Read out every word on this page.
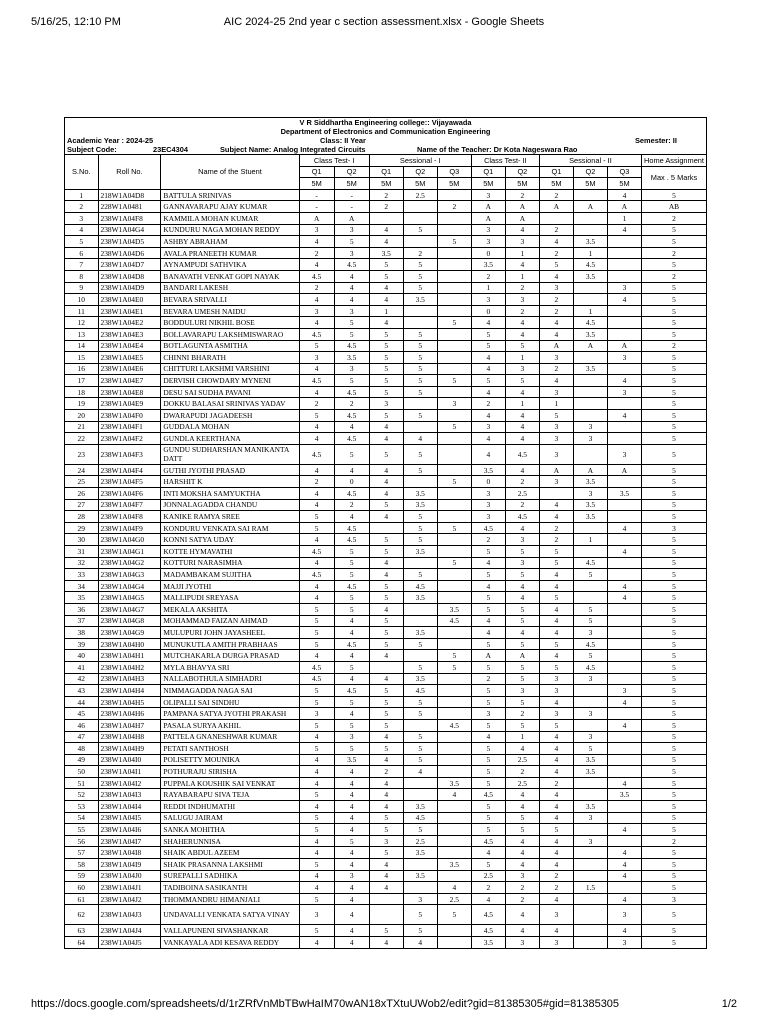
5/16/25, 12:10 PM	AIC 2024-25 2nd year c section assessment.xlsx - Google Sheets
V R Siddhartha Engineering college:: Vijayawada
Department of Electronics and Communication Engineering
Academic Year : 2024-25	Class: II Year	Semester: II
Subject Code:	23EC4304	Subject Name: Analog Integrated Circuits	Name of the Teacher: Dr Kota Nageswara Rao
S.No.	Roll No.	Name of the Stuent	Class Test- I		Sessional - I			Class Test- II		Sessional - II			Home Assignment
			Q1	Q2	Q1	Q2	Q3	Q1	Q2	Q1	Q2	Q3	Max . 5 Marks
			5M	5M	5M	5M	5M	5M	5M	5M	5M	5M	
1	218W1A04D8	BATTULA SRINIVAS	-	-	2	2.5		3	2	2		4	5
2	228W1A0481	GANNAVARAPU AJAY KUMAR	-	-	2		2	A	A	A	A	A	AB
3	238W1A04F8	KAMMILA MOHAN KUMAR	A	A				A	A			1	2
4	238W1A04G4	KUNDURU NAGA MOHAN REDDY	3	3	4	5		3	4	2		4	5
5	238W1A04D5	ASHBY ABRAHAM	4	5	4		5	3	3	4	3.5		5
6	238W1A04D6	AVALA PRANEETH KUMAR	2	3	3.5	2		0	1	2	1		2
7	238W1A04D7	AYNAMPUDI SATHVIKA	4	4.5	5	5		3.5	4	5	4.5		5
8	238W1A04D8	BANAVATH VENKAT GOPI NAYAK	4.5	4	5	5		2	1	4	3.5		2
9	238W1A04D9	BANDARI LAKESH	2	4	4	5		1	2	3		3	5
10	238W1A04E0	BEVARA SRIVALLI	4	4	4	3.5		3	3	2		4	5
11	238W1A04E1	BEVARA UMESH NAIDU	3	3	1			0	2	2	1		5
12	238W1A04E2	BODDULURI NIKHIL BOSE	4	5	4		5	4	4	4	4.5		5
13	238W1A04E3	BOLLAVARAPU LAKSHMISWARAO	4.5	5	5	5		5	4	4	3.5		5
14	238W1A04E4	BOTLAGUNTA ASMITHA	5	4.5	5	5		5	5	A	A	A	2
15	238W1A04E5	CHINNI BHARATH	3	3.5	5	5		4	1	3		3	5
16	238W1A04E6	CHITTURI LAKSHMI VARSHINI	4	3	5	5		4	3	2	3.5		5
17	238W1A04E7	DERVISH CHOWDARY MYNENI	4.5	5	5	5	5	5	5	4		4	5
18	238W1A04E8	DESU SAI SUDHA PAVANI	4	4.5	5	5		4	4	3		3	5
19	238W1A04E9	DOKKU BALASAI SRINIVAS YADAV	2	2	3		3	2	1	1			5
20	238W1A04F0	DWARAPUDI JAGADEESH	5	4.5	5	5		4	4	5		4	5
21	238W1A04F1	GUDDALA MOHAN	4	4	4		5	3	4	3	3		5
22	238W1A04F2	GUNDLA KEERTHANA	4	4.5	4	4		4	4	3	3		5
23	238W1A04F3	GUNDU SUDHARSHAN MANIKANTA DATT	4.5	5	5	5		4	4.5	3		3	5
24	238W1A04F4	GUTHI JYOTHI PRASAD	4	4	4	5		3.5	4	A	A	A	5
25	238W1A04F5	HARSHIT K	2	0	4		5	0	2	3	3.5		5
26	238W1A04F6	INTI MOKSHA SAMYUKTHA	4	4.5	4	3.5		3	2.5		3	3.5	5
27	238W1A04F7	JONNALAGADDA CHANDU	4	2	5	3.5		3	2	4	3.5		5
28	238W1A04F8	KANIKE RAMYA SREE	5	4	4	5		3	4.5	4	3.5		5
29	238W1A04F9	KONDURU VENKATA SAI RAM	5	4.5		5	5	4.5	4	2		4	3
30	238W1A04G0	KONNI SATYA UDAY	4	4.5	5	5		2	3	2	1		5
31	238W1A04G1	KOTTE HYMAVATHI	4.5	5	5	3.5		5	5	5		4	5
32	238W1A04G2	KOTTURI NARASIMHA	4	5	4		5	4	3	5	4.5		5
33	238W1A04G3	MADAMBAKAM SUJITHA	4.5	5	4	5		5	5	4	5		5
34	238W1A04G4	MAJJI JYOTHI	4	4.5	5	4.5		4	4	4		4	5
35	238W1A04G5	MALLIPUDI SREYASA	4	5	5	3.5		5	4	5		4	5
36	238W1A04G7	MEKALA AKSHITA	5	5	4		3.5	5	5	4	5		5
37	238W1A04G8	MOHAMMAD FAIZAN AHMAD	5	4	5		4.5	4	5	4	5		5
38	238W1A04G9	MULUPURI JOHN JAYASHEEL	5	4	5	3.5		4	4	4	3		5
39	238W1A04H0	MUNUKUTLA AMITH PRABHAAS	5	4.5	5	5		5	5	5	4.5		5
40	238W1A04H1	MUTCHAKARLA DURGA PRASAD	4	4	4		5	A	A	4	5		5
41	238W1A04H2	MYLA BHAVYA SRI	4.5	5		5	5	5	5	5	4.5		5
42	238W1A04H3	NALLABOTHULA SIMHADRI	4.5	4	4	3.5		2	5	3	3		5
43	238W1A04H4	NIMMAGADDA NAGA SAI	5	4.5	5	4.5		5	3	3		3	5
44	238W1A04H5	OLIPALLI SAI SINDHU	5	5	5	5		5	5	4		4	5
45	238W1A04H6	PAMPANA SATYA JYOTHI PRAKASH	3	4	5	5		3	2	3	3		5
46	238W1A04H7	PASALA SURYA AKHIL	5	5	5		4.5	5	5	5		4	5
47	238W1A04H8	PATTELA GNANESHWAR KUMAR	4	3	4	5		4	1	4	3		5
48	238W1A04H9	PETATI SANTHOSH	5	5	5	5		5	4	4	5		5
49	238W1A04I0	POLISETTY MOUNIKA	4	3.5	4	5		5	2.5	4	3.5		5
50	238W1A04I1	POTHURAJU SIRISHA	4	4	2	4		5	2	4	3.5		5
51	238W1A04I2	PUPPALA KOUSHIK SAI VENKAT	4	4	4		3.5	5	2.5	2		4	5
52	238W1A04I3	RAYABARAPU SIVA TEJA	5	4	4		4	4.5	4	4		3.5	5
53	238W1A04I4	REDDI INDHUMATHI	4	4	4	3.5		5	4	4	3.5		5
54	238W1A04I5	SALUGU JAIRAM	5	4	5	4.5		5	5	4	3		5
55	238W1A04I6	SANKA MOHITHA	5	4	5	5		5	5	5		4	5
56	238W1A04I7	SHAHERUNNISA	4	5	3	2.5		4.5	4	4	3		2
57	238W1A04I8	SHAIK ABDUL AZEEM	4	4	5	3.5		4	4	4		4	5
58	238W1A04I9	SHAIK PRASANNA LAKSHMI	5	4	4		3.5	5	4	4		4	5
59	238W1A04J0	SUREPALLI SADHIKA	4	3	4	3.5		2.5	3	2		4	5
60	238W1A04J1	TADIBOINA SASIKANTH	4	4	4		4	2	2	2	1.5		5
61	238W1A04J2	THOMMANDRU HIMANJALI	5	4		3	2.5	4	2	4		4	3
62	238W1A04J3	UNDAVALLI VENKATA SATYA VINAY	3	4		5	5	4.5	4	3		3	5
63	238W1A04J4	VALLAPUNENI SIVASHANKAR	5	4	5	5		4.5	4	4		4	5
64	238W1A04J5	VANKAYALA ADI KESAVA REDDY	4	4	4	4		3.5	3	3		3	5
https://docs.google.com/spreadsheets/d/1rZRfVnMbTBwHaIM70wAN18xTXtuUWob2/edit?gid=81385305#gid=81385305	1/2
